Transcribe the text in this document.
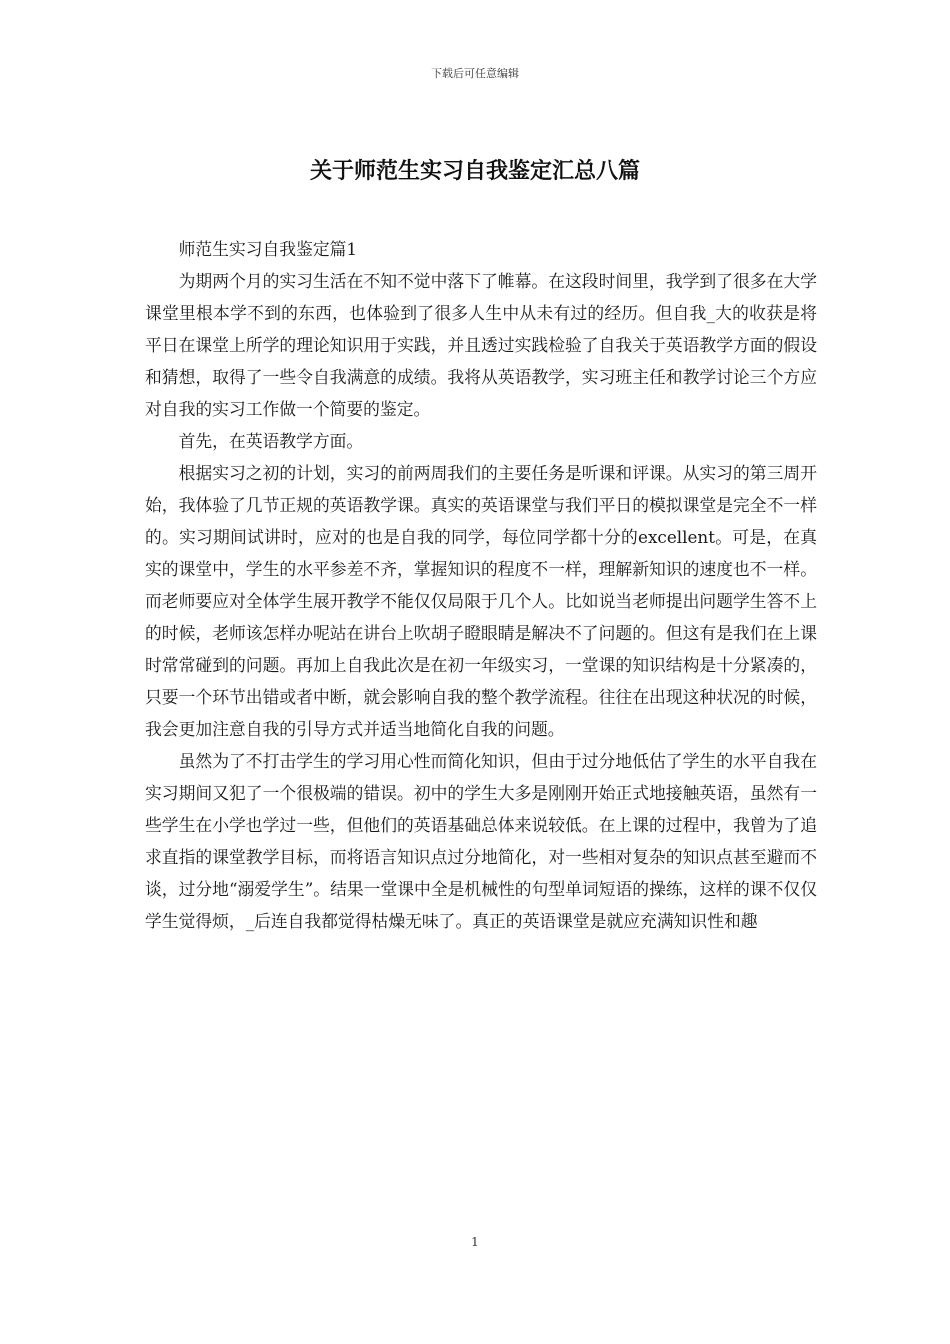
下载后可任意编辑
关于师范生实习自我鉴定汇总八篇

师范生实习自我鉴定篇1

为期两个月的实习生活在不知不觉中落下了帷幕。在这段时间里，我学到了很多在大学课堂里根本学不到的东西，也体验到了很多人生中从未有过的经历。但自我_大的收获是将平日在课堂上所学的理论知识用于实践，并且透过实践检验了自我关于英语教学方面的假设和猜想，取得了一些令自我满意的成绩。我将从英语教学，实习班主任和教学讨论三个方应对自我的实习工作做一个简要的鉴定。

首先，在英语教学方面。

根据实习之初的计划，实习的前两周我们的主要任务是听课和评课。从实习的第三周开始，我体验了几节正规的英语教学课。真实的英语课堂与我们平日的模拟课堂是完全不一样的。实习期间试讲时，应对的也是自我的同学，每位同学都十分的excellent。可是，在真实的课堂中，学生的水平参差不齐，掌握知识的程度不一样，理解新知识的速度也不一样。而老师要应对全体学生展开教学不能仅仅局限于几个人。比如说当老师提出问题学生答不上的时候，老师该怎样办呢站在讲台上吹胡子瞪眼睛是解决不了问题的。但这有是我们在上课时常常碰到的问题。再加上自我此次是在初一年级实习，一堂课的知识结构是十分紧凑的，只要一个环节出错或者中断，就会影响自我的整个教学流程。往往在出现这种状况的时候，我会更加注意自我的引导方式并适当地简化自我的问题。

虽然为了不打击学生的学习用心性而简化知识，但由于过分地低估了学生的水平自我在实习期间又犯了一个很极端的错误。初中的学生大多是刚刚开始正式地接触英语，虽然有一些学生在小学也学过一些，但他们的英语基础总体来说较低。在上课的过程中，我曾为了追求直指的课堂教学目标，而将语言知识点过分地简化，对一些相对复杂的知识点甚至避而不谈，过分地“溺爱学生”。结果一堂课中全是机械性的句型单词短语的操练，这样的课不仅仅学生觉得烦，_后连自我都觉得枯燥无味了。真正的英语课堂是就应充满知识性和趣

1
